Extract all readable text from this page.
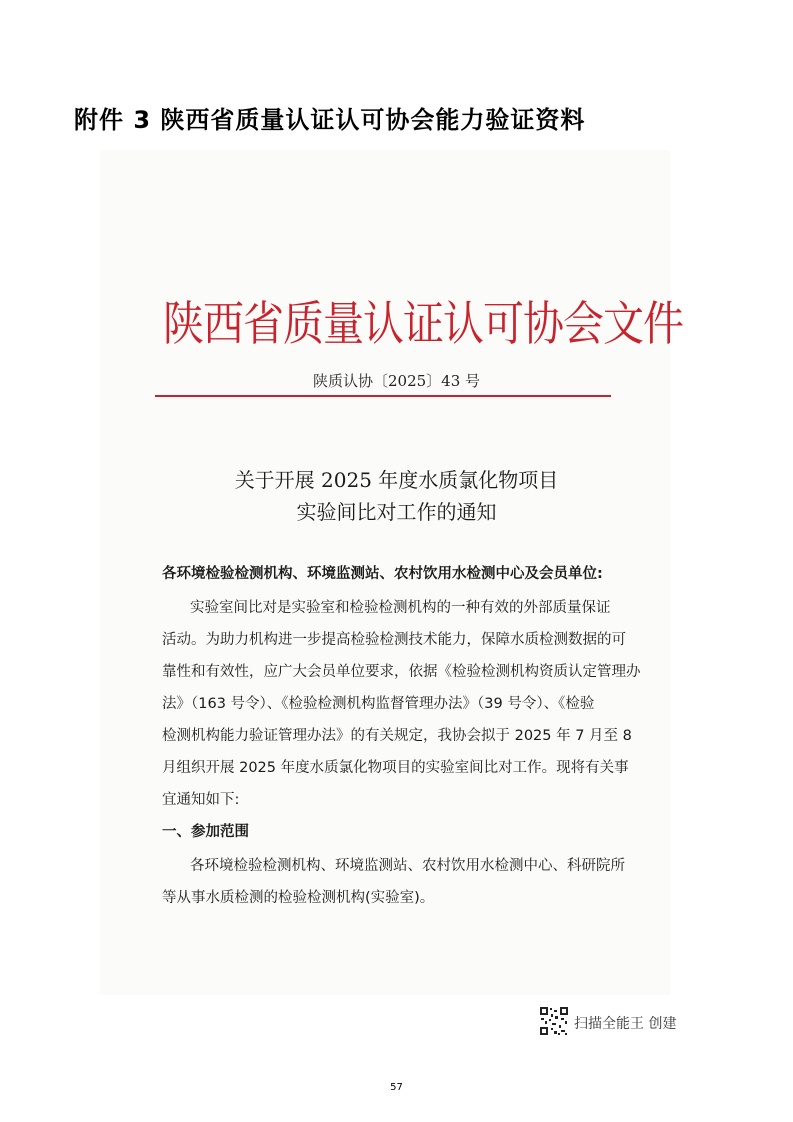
附件 3 陕西省质量认证认可协会能力验证资料
陕西省质量认证认可协会文件
陕质认协〔2025〕43 号
关于开展 2025 年度水质氯化物项目
实验间比对工作的通知
各环境检验检测机构、环境监测站、农村饮用水检测中心及会员单位:
实验室间比对是实验室和检验检测机构的一种有效的外部质量保证
活动。为助力机构进一步提高检验检测技术能力，保障水质检测数据的可
靠性和有效性，应广大会员单位要求，依据《检验检测机构资质认定管理办
法》（163 号令）、《检验检测机构监督管理办法》（39 号令）、《检验
检测机构能力验证管理办法》的有关规定，我协会拟于 2025 年 7 月至 8
月组织开展 2025 年度水质氯化物项目的实验室间比对工作。现将有关事
宜通知如下:
一、参加范围
各环境检验检测机构、环境监测站、农村饮用水检测中心、科研院所
等从事水质检测的检验检测机构(实验室)。
扫描全能王 创建
57
